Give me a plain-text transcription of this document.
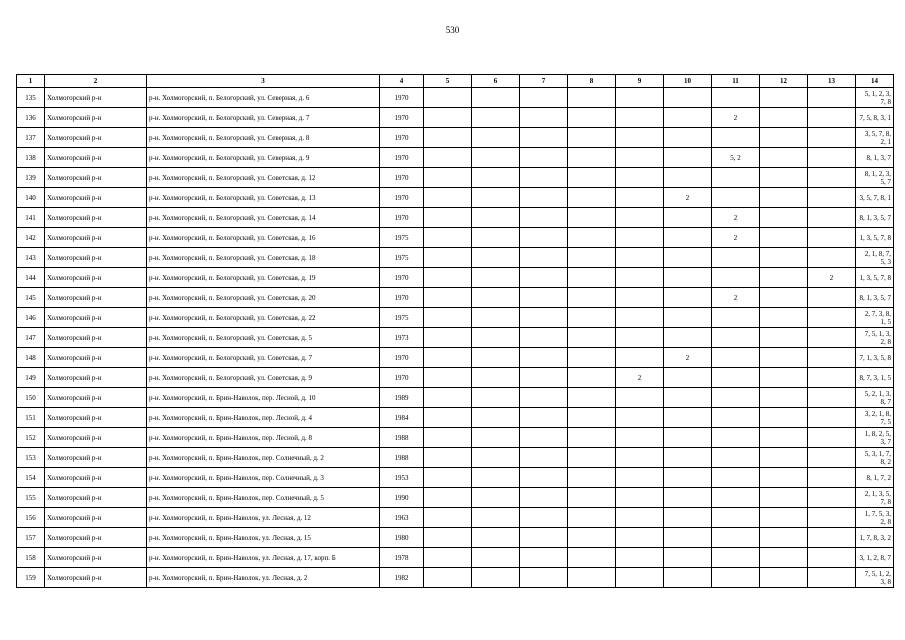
530
1	2	3	4	5	6	7	8	9	10	11	12	13	14
135	Холмогорский р-н	р-н. Холмогорский, п. Белогорский, ул. Северная, д. 6	1970										5, 1, 2, 3, 7, 8
136	Холмогорский р-н	р-н. Холмогорский, п. Белогорский, ул. Северная, д. 7	1970							2			7, 5, 8, 3, 1
137	Холмогорский р-н	р-н. Холмогорский, п. Белогорский, ул. Северная, д. 8	1970										3, 5, 7, 8, 2, 1
138	Холмогорский р-н	р-н. Холмогорский, п. Белогорский, ул. Северная, д. 9	1970							5, 2			8, 1, 3, 7
139	Холмогорский р-н	р-н. Холмогорский, п. Белогорский, ул. Советская, д. 12	1970										8, 1, 2, 3, 5, 7
140	Холмогорский р-н	р-н. Холмогорский, п. Белогорский, ул. Советская, д. 13	1970						2				3, 5, 7, 8, 1
141	Холмогорский р-н	р-н. Холмогорский, п. Белогорский, ул. Советская, д. 14	1970							2			8, 1, 3, 5, 7
142	Холмогорский р-н	р-н. Холмогорский, п. Белогорский, ул. Советская, д. 16	1975							2			1, 3, 5, 7, 8
143	Холмогорский р-н	р-н. Холмогорский, п. Белогорский, ул. Советская, д. 18	1975										2, 1, 8, 7, 5, 3
144	Холмогорский р-н	р-н. Холмогорский, п. Белогорский, ул. Советская, д. 19	1970									2	1, 3, 5, 7, 8
145	Холмогорский р-н	р-н. Холмогорский, п. Белогорский, ул. Советская, д. 20	1970							2			8, 1, 3, 5, 7
146	Холмогорский р-н	р-н. Холмогорский, п. Белогорский, ул. Советская, д. 22	1975										2, 7, 3, 8, 1, 5
147	Холмогорский р-н	р-н. Холмогорский, п. Белогорский, ул. Советская, д. 5	1973										7, 5, 1, 3, 2, 8
148	Холмогорский р-н	р-н. Холмогорский, п. Белогорский, ул. Советская, д. 7	1970						2				7, 1, 3, 5, 8
149	Холмогорский р-н	р-н. Холмогорский, п. Белогорский, ул. Советская, д. 9	1970					2					8, 7, 3, 1, 5
150	Холмогорский р-н	р-н. Холмогорский, п. Брин-Наволок, пер. Лесной, д. 10	1989										5, 2, 1, 3, 8, 7
151	Холмогорский р-н	р-н. Холмогорский, п. Брин-Наволок, пер. Лесной, д. 4	1984										3, 2, 1, 8, 7, 5
152	Холмогорский р-н	р-н. Холмогорский, п. Брин-Наволок, пер. Лесной, д. 8	1988										1, 8, 2, 5, 3, 7
153	Холмогорский р-н	р-н. Холмогорский, п. Брин-Наволок, пер. Солнечный, д. 2	1988										5, 3, 1, 7, 8, 2
154	Холмогорский р-н	р-н. Холмогорский, п. Брин-Наволок, пер. Солнечный, д. 3	1953										8, 1, 7, 2
155	Холмогорский р-н	р-н. Холмогорский, п. Брин-Наволок, пер. Солнечный, д. 5	1990										2, 1, 3, 5, 7, 8
156	Холмогорский р-н	р-н. Холмогорский, п. Брин-Наволок, ул. Лесная, д. 12	1963										1, 7, 5, 3, 2, 8
157	Холмогорский р-н	р-н. Холмогорский, п. Брин-Наволок, ул. Лесная, д. 15	1980										1, 7, 8, 3, 2
158	Холмогорский р-н	р-н. Холмогорский, п. Брин-Наволок, ул. Лесная, д. 17, корп. Б	1978										3, 1, 2, 8, 7
159	Холмогорский р-н	р-н. Холмогорский, п. Брин-Наволок, ул. Лесная, д. 2	1982										7, 5, 1, 2, 3, 8
